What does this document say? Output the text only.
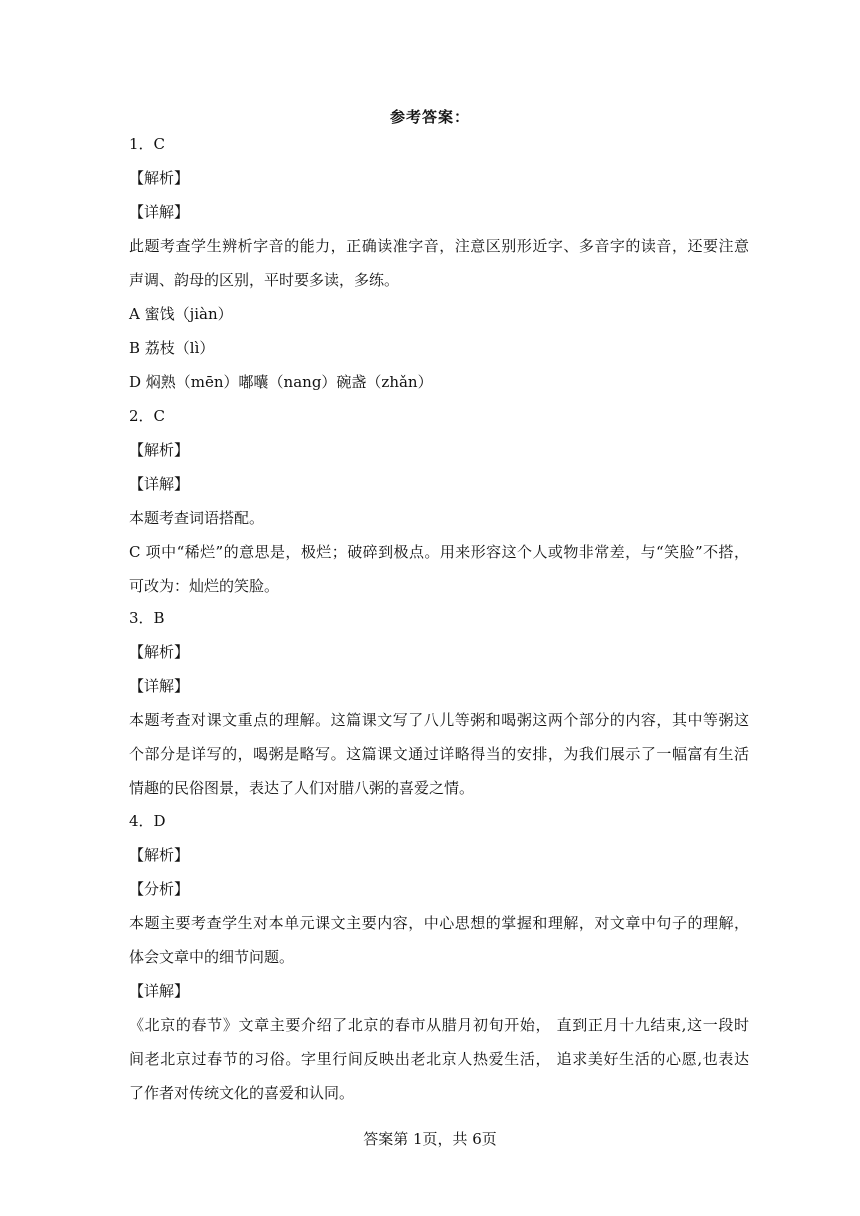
参考答案：
1．C
【解析】
【详解】
此题考查学生辨析字音的能力，正确读准字音，注意区别形近字、多音字的读音，还要注意
声调、韵母的区别，平时要多读，多练。
A 蜜饯（jiàn）
B 荔枝（lì）
D 焖熟（mēn）嘟囔（nang）碗盏（zhǎn）
2．C
【解析】
【详解】
本题考查词语搭配。
C 项中“稀烂”的意思是，极烂；破碎到极点。用来形容这个人或物非常差，与“笑脸”不搭，
可改为：灿烂的笑脸。
3．B
【解析】
【详解】
本题考查对课文重点的理解。这篇课文写了八儿等粥和喝粥这两个部分的内容，其中等粥这
个部分是详写的，喝粥是略写。这篇课文通过详略得当的安排，为我们展示了一幅富有生活
情趣的民俗图景，表达了人们对腊八粥的喜爱之情。
4．D
【解析】
【分析】
本题主要考查学生对本单元课文主要内容，中心思想的掌握和理解，对文章中句子的理解，
体会文章中的细节问题。
【详解】
《北京的春节》文章主要介绍了北京的春市从腊月初旬开始， 直到正月十九结束,这一段时
间老北京过春节的习俗。字里行间反映出老北京人热爱生活， 追求美好生活的心愿,也表达
了作者对传统文化的喜爱和认同。
答案第 1页，共 6页
